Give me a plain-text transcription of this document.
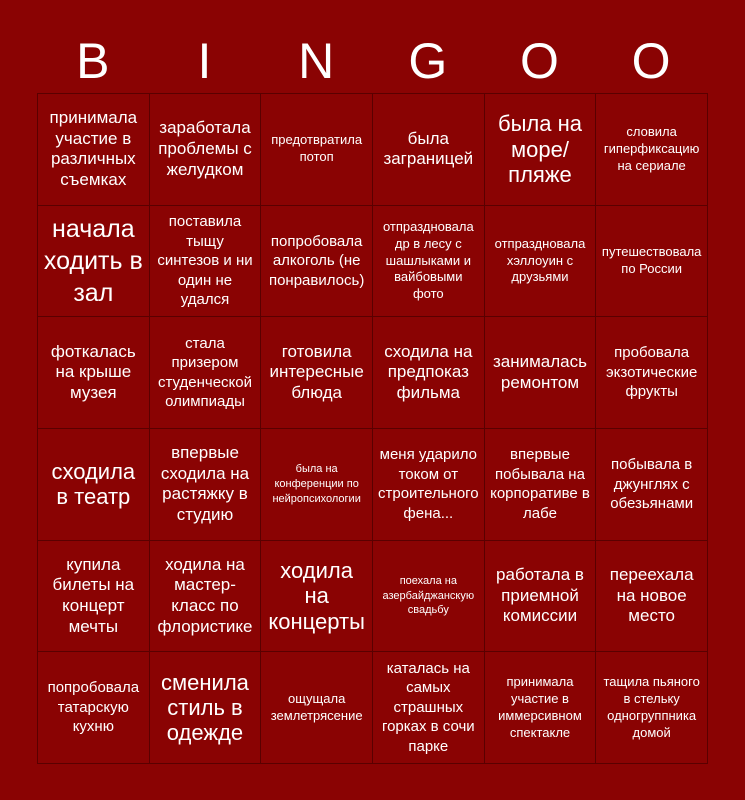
B	I	N	G	O	O
принимала участие в различных съемках
заработала проблемы с желудком
предотвратила потоп
была заграницей
была на море/ пляже
словила гиперфиксацию на сериале
начала ходить в зал
поставила тыщу синтезов и ни один не удался
попробовала алкоголь (не понравилось)
отпраздновала др в лесу с шашлыками и вайбовыми фото
отпраздновала хэллоуин с друзьями
путешествовала по России
фоткалась на крыше музея
стала призером студенческой олимпиады
готовила интересные блюда
сходила на предпоказ фильма
занималась ремонтом
пробовала экзотические фрукты
сходила в театр
впервые сходила на растяжку в студию
была на конференции по нейропсихологии
меня ударило током от строительного фена...
впервые побывала на корпоративе в лабе
побывала в джунглях с обезьянами
купила билеты на концерт мечты
ходила на мастер-класс по флористике
ходила на концерты
поехала на азербайджанскую свадьбу
работала в приемной комиссии
переехала на новое место
попробовала татарскую кухню
сменила стиль в одежде
ощущала землетрясение
каталась на самых страшных горках в сочи парке
принимала участие в иммерсивном спектакле
тащила пьяного в стельку одногруппника домой
